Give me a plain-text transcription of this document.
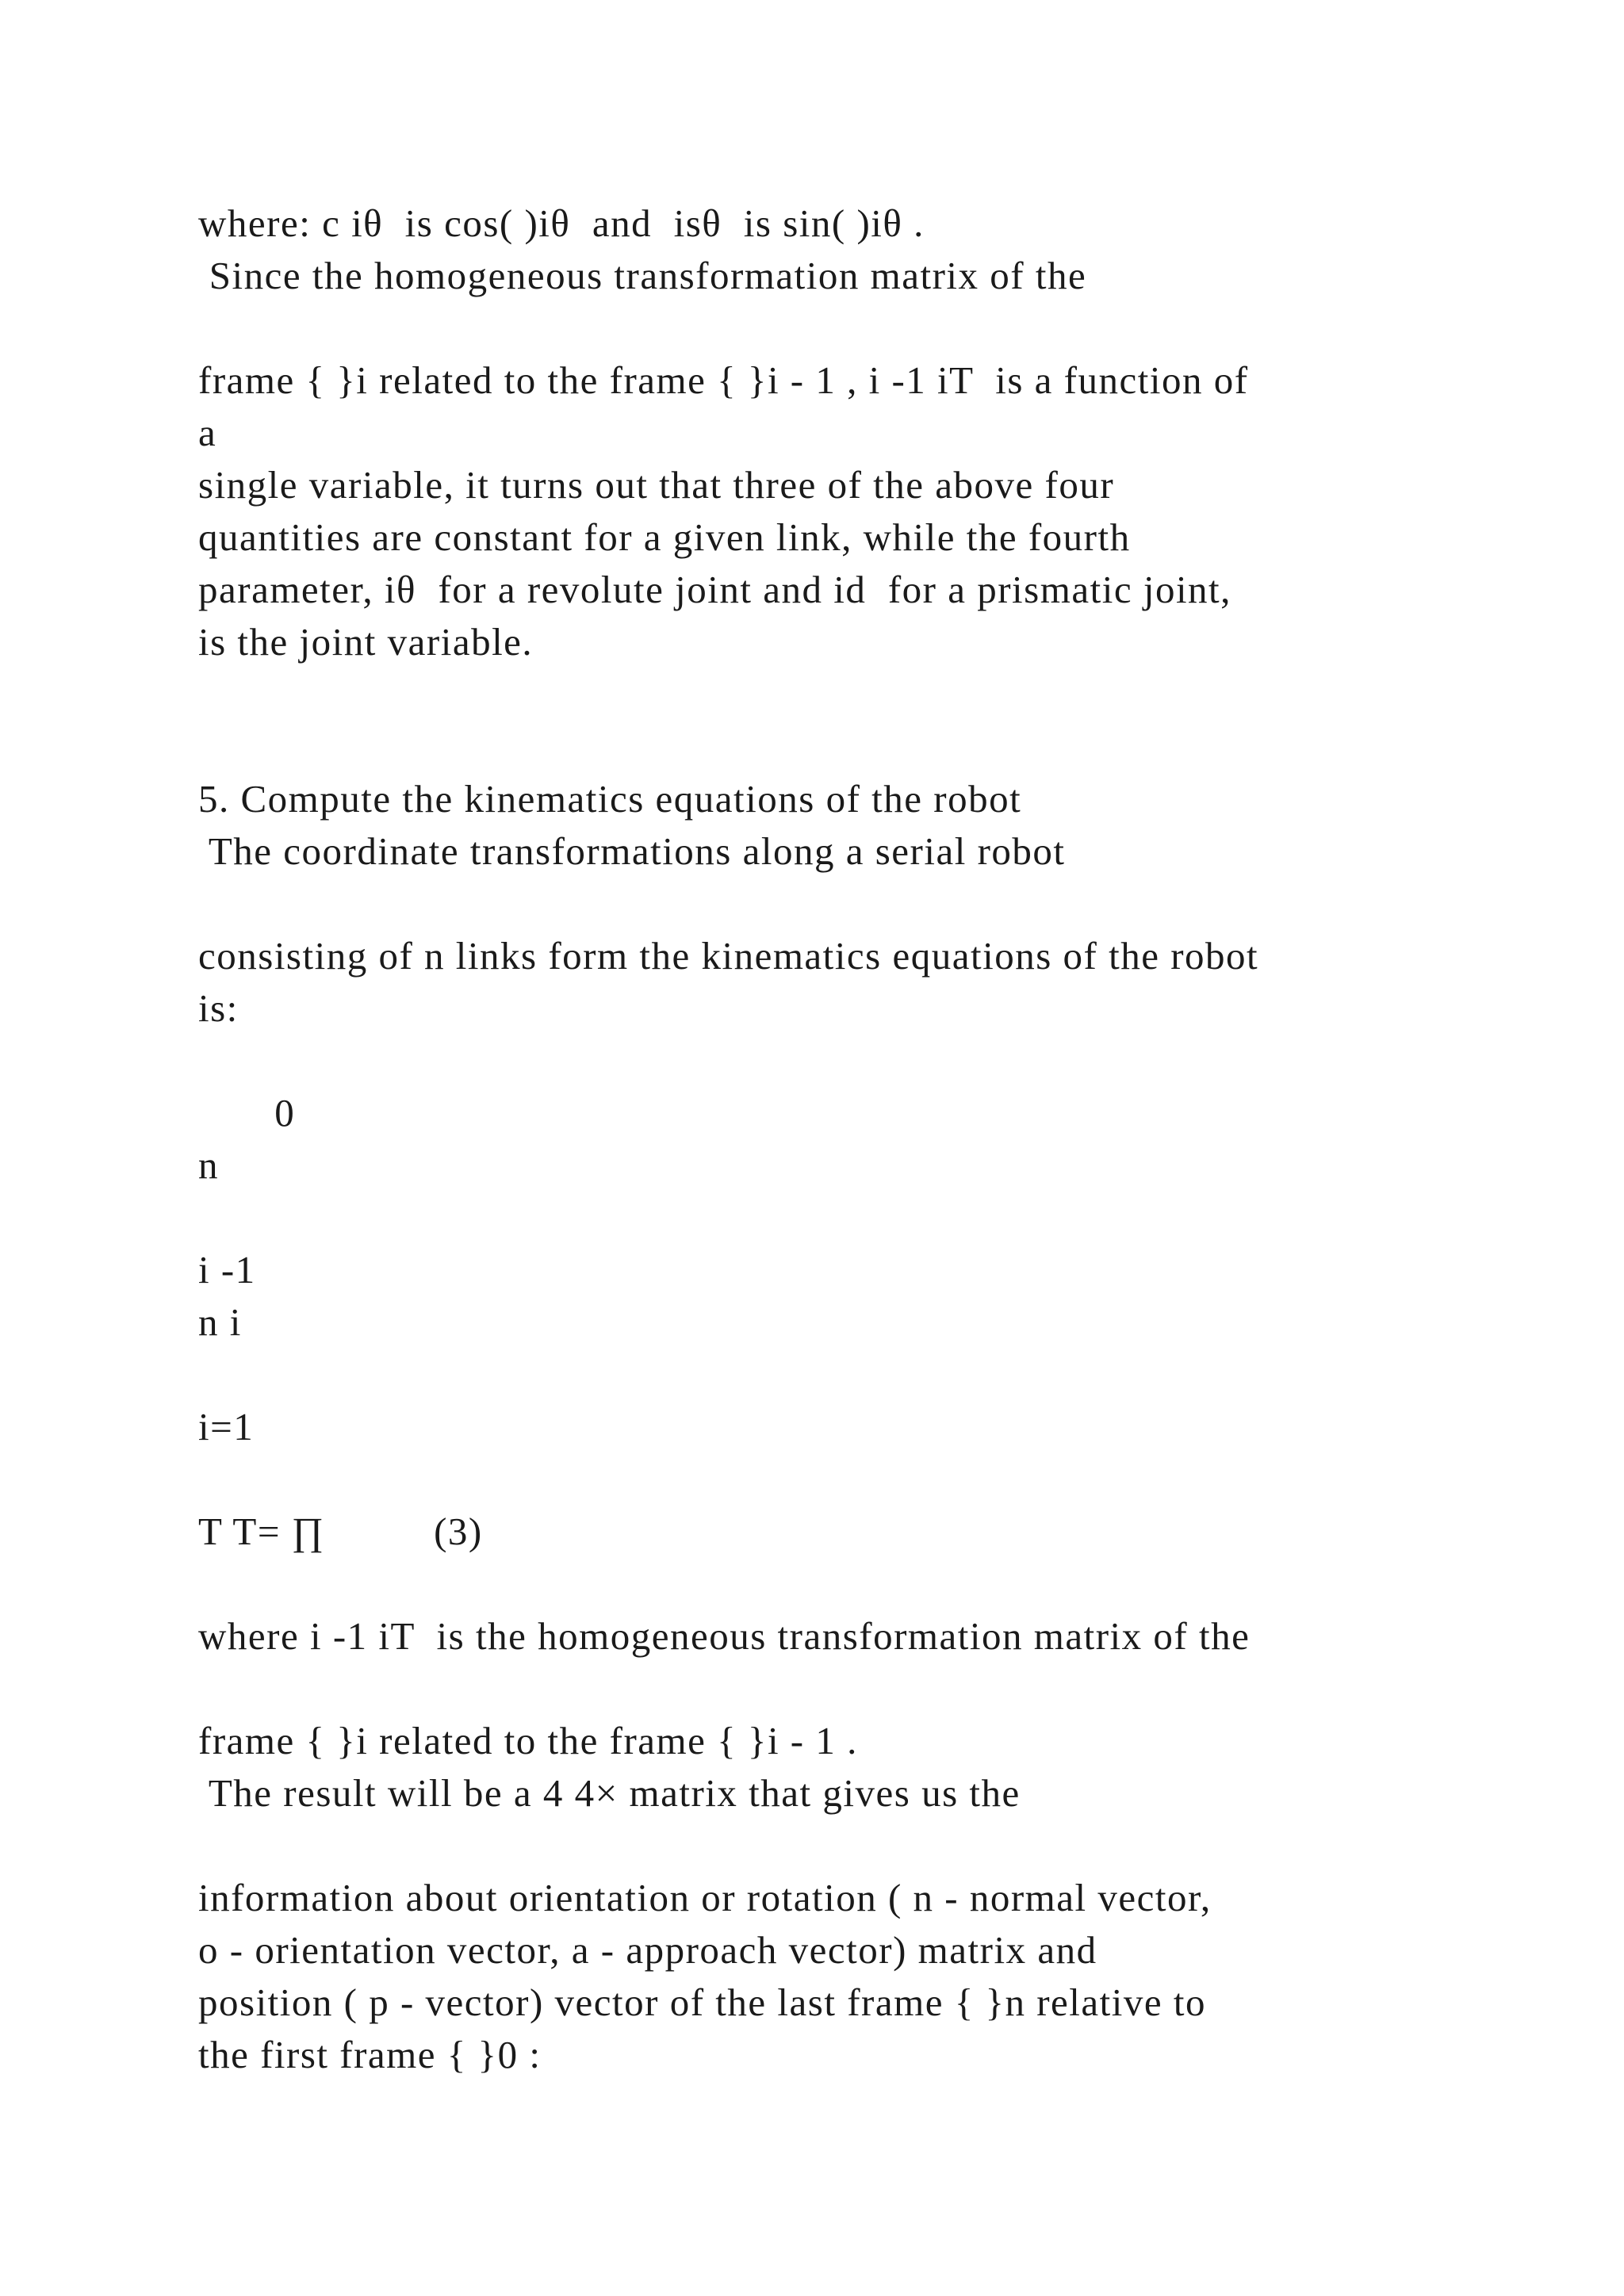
where: c iθ  is cos( )iθ  and  isθ  is sin( )iθ .

Since the homogeneous transformation matrix of the

frame { }i related to the frame { }i - 1 , i -1 iT  is a function of

a

single variable, it turns out that three of the above four

quantities are constant for a given link, while the fourth

parameter, iθ  for a revolute joint and id  for a prismatic joint,

is the joint variable.

5. Compute the kinematics equations of the robot

The coordinate transformations along a serial robot

consisting of n links form the kinematics equations of the robot

is:

0

n

i -1

n i

i=1

T T= ∏          (3)

where i -1 iT  is the homogeneous transformation matrix of the

frame { }i related to the frame { }i - 1 .

The result will be a 4 4× matrix that gives us the

information about orientation or rotation ( n - normal vector,

o - orientation vector, a - approach vector) matrix and

position ( p - vector) vector of the last frame { }n relative to

the first frame { }0 :
